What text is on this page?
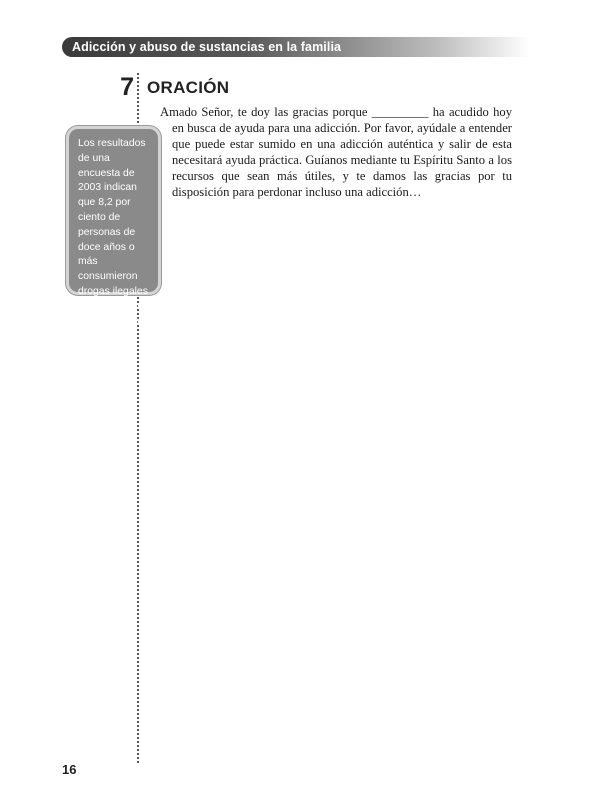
Adicción y abuso de sustancias en la familia
7 ORACIÓN

Amado Señor, te doy las gracias porque _________ ha acudido hoy en busca de ayuda para una adicción. Por favor, ayúdale a entender que puede estar sumido en una adicción auténtica y salir de esta necesitará ayuda práctica. Guíanos mediante tu Espíritu Santo a los recursos que sean más útiles, y te damos las gracias por tu disposición para perdonar incluso una adicción…

Los resultados de una encuesta de 2003 indican que 8,2 por ciento de personas de doce años o más consumieron drogas ilegales el mes anterior a la encuesta.$^9$
16
